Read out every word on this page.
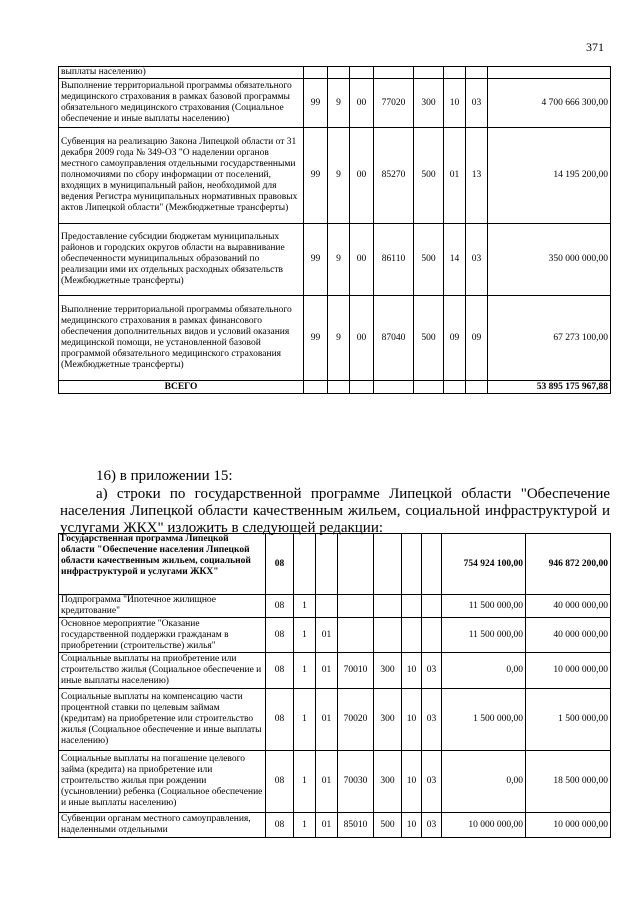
371
выплаты населению)								
Выполнение территориальной программы обязательного медицинского страхования в рамках базовой программы обязательного медицинского страхования (Социальное обеспечение и иные выплаты населению)	99	9	00	77020	300	10	03	4 700 666 300,00
Субвенция на реализацию Закона Липецкой области от 31 декабря 2009 года № 349-ОЗ "О наделении органов местного самоуправления отдельными государственными полномочиями по сбору информации от поселений, входящих в муниципальный район, необходимой для ведения Регистра муниципальных нормативных правовых актов Липецкой области" (Межбюджетные трансферты)	99	9	00	85270	500	01	13	14 195 200,00
Предоставление субсидии бюджетам муниципальных районов и городских округов области на выравнивание обеспеченности муниципальных образований по реализации ими их отдельных расходных обязательств (Межбюджетные трансферты)	99	9	00	86110	500	14	03	350 000 000,00
Выполнение территориальной программы обязательного медицинского страхования в рамках финансового обеспечения дополнительных видов и условий оказания медицинской помощи, не установленной базовой программой обязательного медицинского страхования (Межбюджетные трансферты)	99	9	00	87040	500	09	09	67 273 100,00
ВСЕГО								53 895 175 967,88
16) в приложении 15:
а) строки по государственной программе Липецкой области "Обеспечение населения Липецкой области качественным жильем, социальной инфраструктурой и услугами ЖКХ" изложить в следующей редакции:
Государственная программа Липецкой области "Обеспечение населения Липецкой области качественным жильем, социальной инфраструктурой и услугами ЖКХ"	08							754 924 100,00	946 872 200,00
Подпрограмма "Ипотечное жилищное кредитование"	08	1						11 500 000,00	40 000 000,00
Основное мероприятие "Оказание государственной поддержки гражданам в приобретении (строительстве) жилья"	08	1	01					11 500 000,00	40 000 000,00
Социальные выплаты на приобретение или строительство жилья (Социальное обеспечение и иные выплаты населению)	08	1	01	70010	300	10	03	0,00	10 000 000,00
Социальные выплаты на компенсацию части процентной ставки по целевым займам (кредитам) на приобретение или строительство жилья (Социальное обеспечение и иные выплаты населению)	08	1	01	70020	300	10	03	1 500 000,00	1 500 000,00
Социальные выплаты на погашение целевого займа (кредита) на приобретение или строительство жилья при рождении (усыновлении) ребенка (Социальное обеспечение и иные выплаты населению)	08	1	01	70030	300	10	03	0,00	18 500 000,00
Субвенции органам местного самоуправления, наделенными отдельными	08	1	01	85010	500	10	03	10 000 000,00	10 000 000,00
